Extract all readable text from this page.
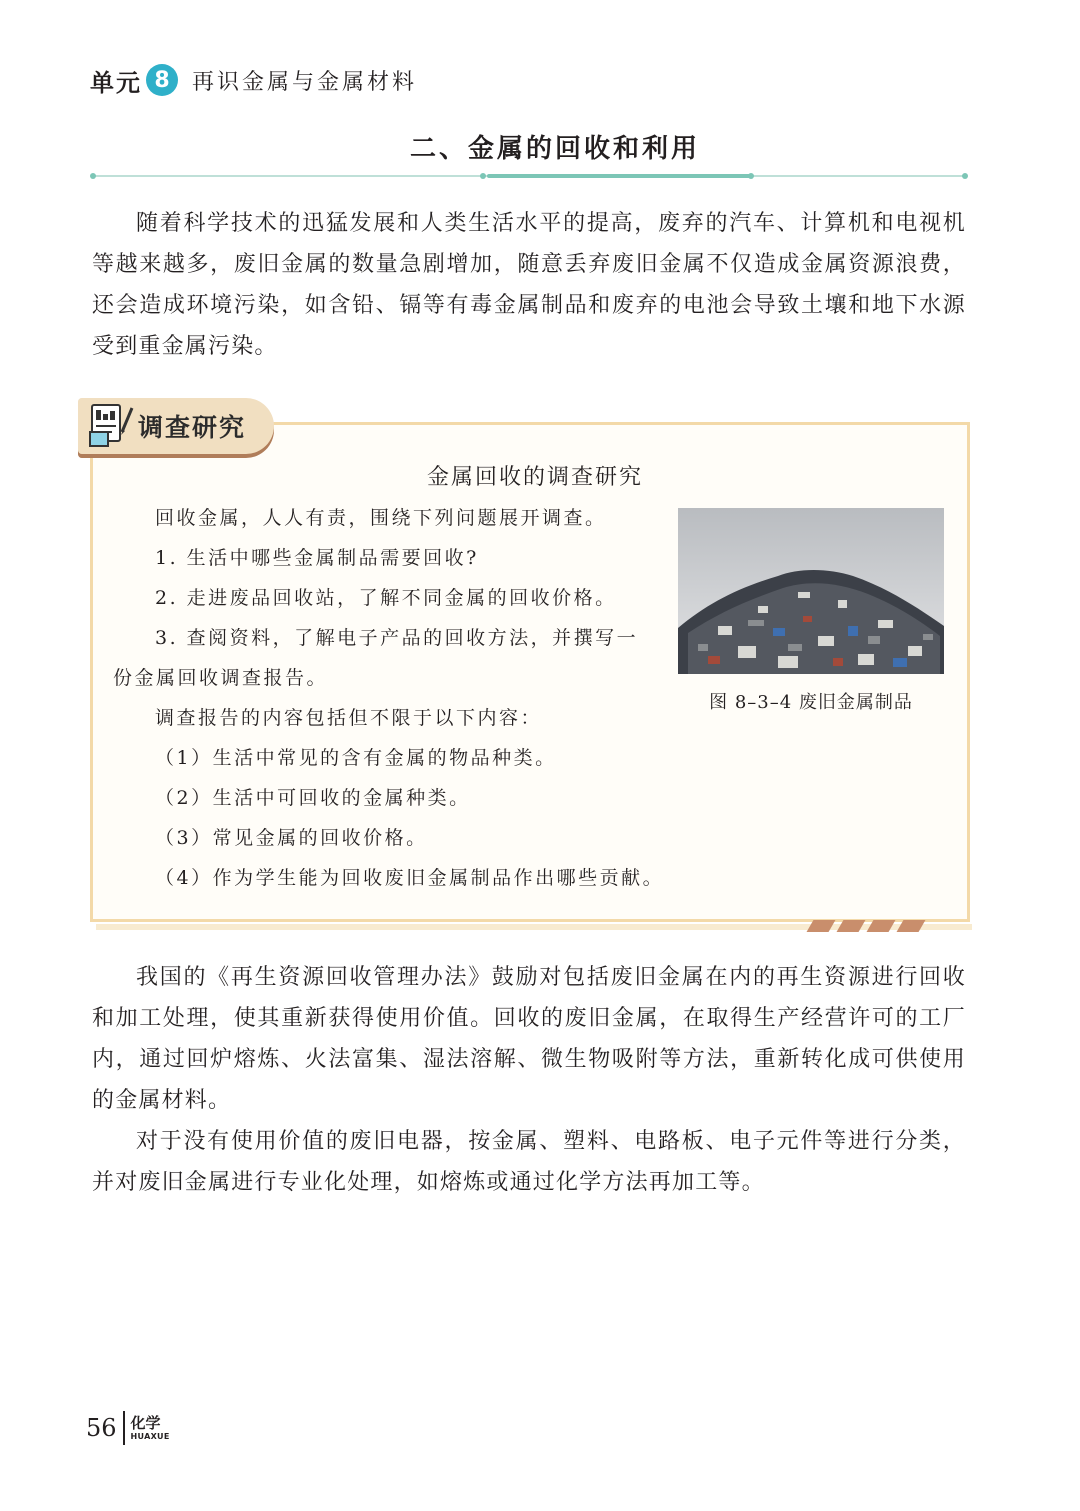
单元 8	再识金属与金属材料
二、金属的回收和利用

随着科学技术的迅猛发展和人类生活水平的提高，废弃的汽车、计算机和电视机等越来越多，废旧金属的数量急剧增加，随意丢弃废旧金属不仅造成金属资源浪费，还会造成环境污染，如含铅、镉等有毒金属制品和废弃的电池会导致土壤和地下水源受到重金属污染。

调查研究
金属回收的调查研究
回收金属，人人有责，围绕下列问题展开调查。
1. 生活中哪些金属制品需要回收?
2. 走进废品回收站，了解不同金属的回收价格。
3. 查阅资料，了解电子产品的回收方法，并撰写一份金属回收调查报告。
调查报告的内容包括但不限于以下内容：
（1）生活中常见的含有金属的物品种类。
（2）生活中可回收的金属种类。
（3）常见金属的回收价格。
（4）作为学生能为回收废旧金属制品作出哪些贡献。
图 8–3–4 废旧金属制品

我国的《再生资源回收管理办法》鼓励对包括废旧金属在内的再生资源进行回收和加工处理，使其重新获得使用价值。回收的废旧金属，在取得生产经营许可的工厂内，通过回炉熔炼、火法富集、湿法溶解、微生物吸附等方法，重新转化成可供使用的金属材料。

对于没有使用价值的废旧电器，按金属、塑料、电路板、电子元件等进行分类，并对废旧金属进行专业化处理，如熔炼或通过化学方法再加工等。

56 化学
HUAXUE
